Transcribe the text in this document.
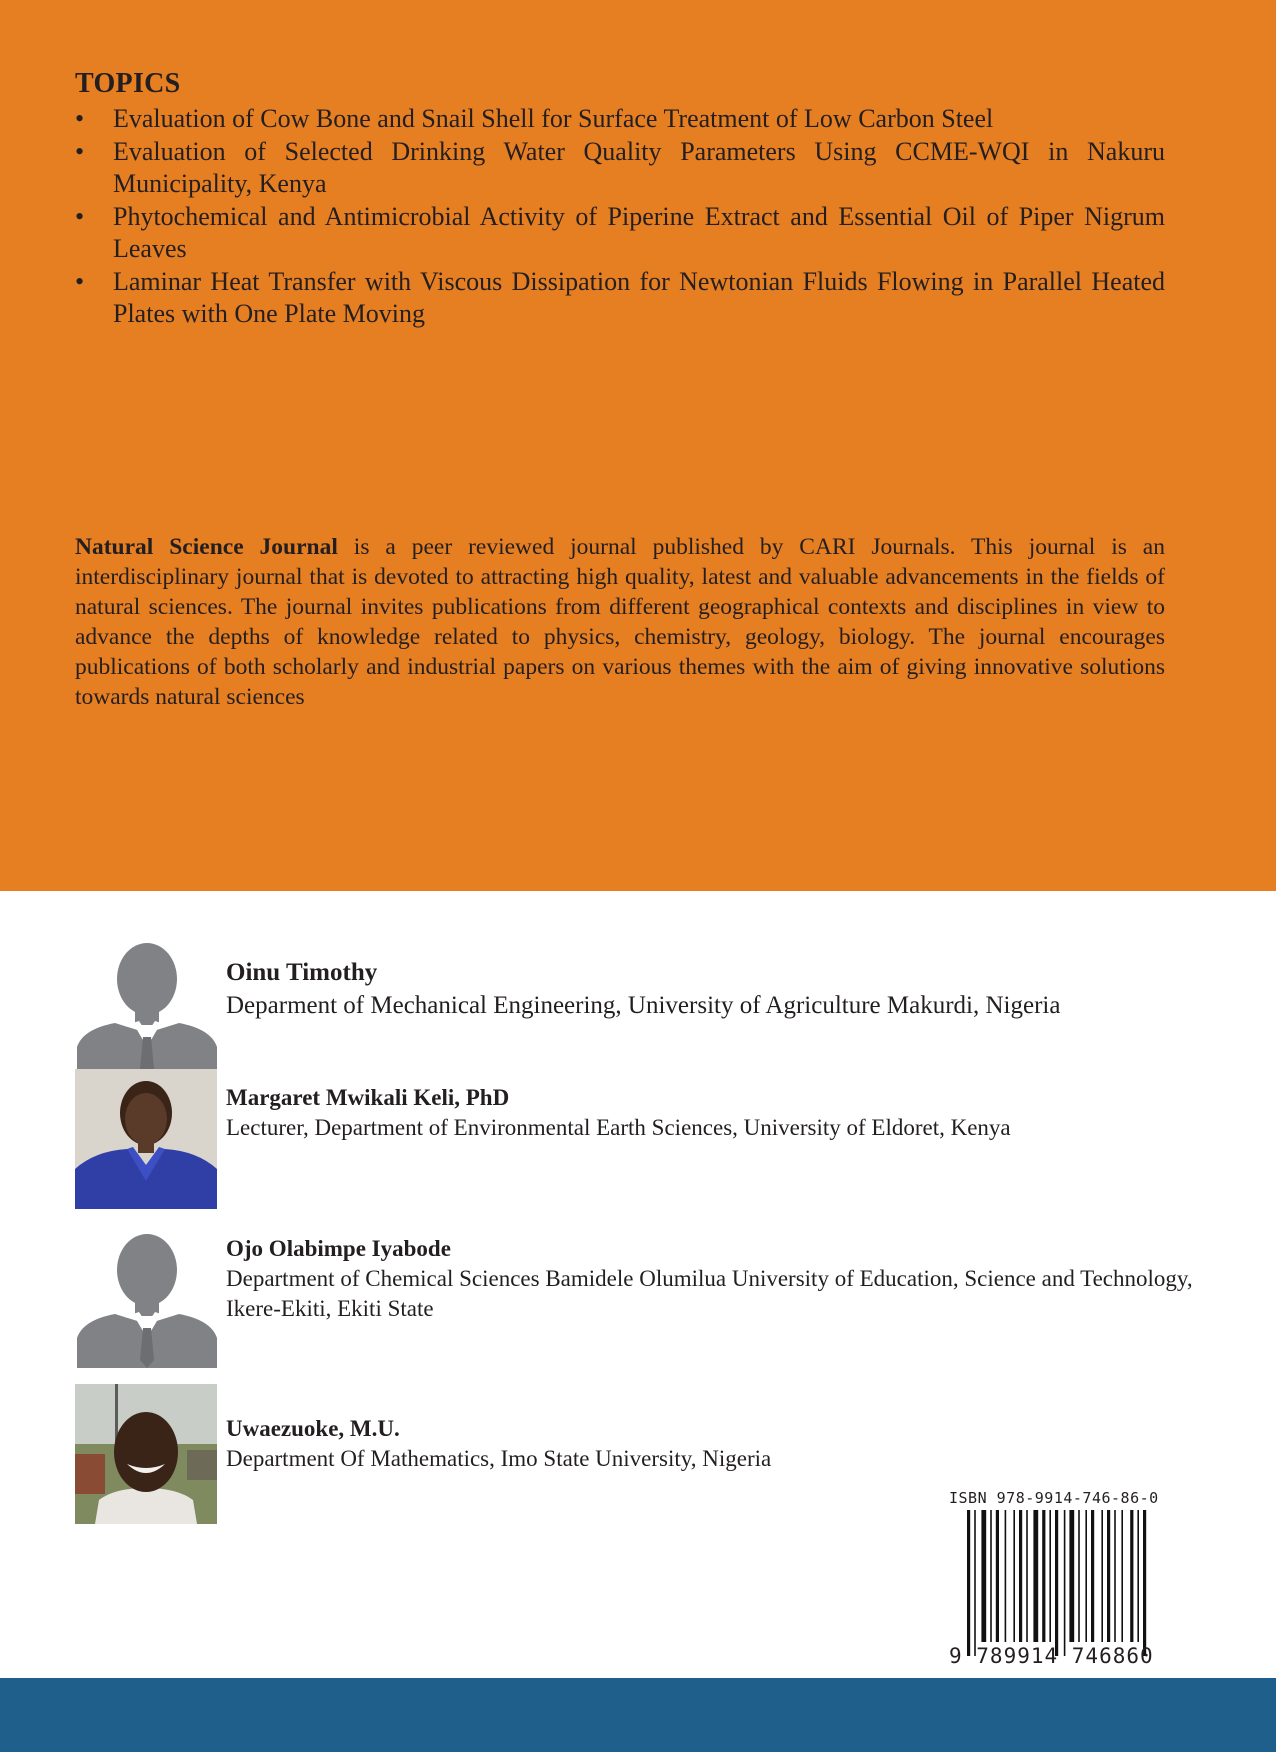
TOPICS
•	Evaluation of Cow Bone and Snail Shell for Surface Treatment of Low Carbon Steel
•	Evaluation of Selected Drinking Water Quality Parameters Using CCME-WQI in Nakuru Municipality, Kenya
•	Phytochemical and Antimicrobial Activity of Piperine Extract and Essential Oil of Piper Nigrum Leaves
•	Laminar Heat Transfer with Viscous Dissipation for Newtonian Fluids Flowing in Parallel Heated Plates with One Plate Moving

Natural Science Journal is a peer reviewed journal published by CARI Journals. This journal is an interdisciplinary journal that is devoted to attracting high quality, latest and valuable advancements in the fields of natural sciences. The journal invites publications from different geographical contexts and disciplines in view to advance the depths of knowledge related to physics, chemistry, geology, biology. The journal encourages publications of both scholarly and industrial papers on various themes with the aim of giving innovative solutions towards natural sciences

Oinu Timothy
Deparment of Mechanical Engineering, University of Agriculture Makurdi, Nigeria
Margaret Mwikali Keli, PhD
Lecturer, Department of Environmental Earth Sciences, University of Eldoret, Kenya
Ojo Olabimpe Iyabode
Department of Chemical Sciences Bamidele Olumilua University of Education, Science and Technology, Ikere-Ekiti, Ekiti State
Uwaezuoke, M.U.
Department Of Mathematics, Imo State University, Nigeria
ISBN 978-9914-746-86-0
9 789914 746860
